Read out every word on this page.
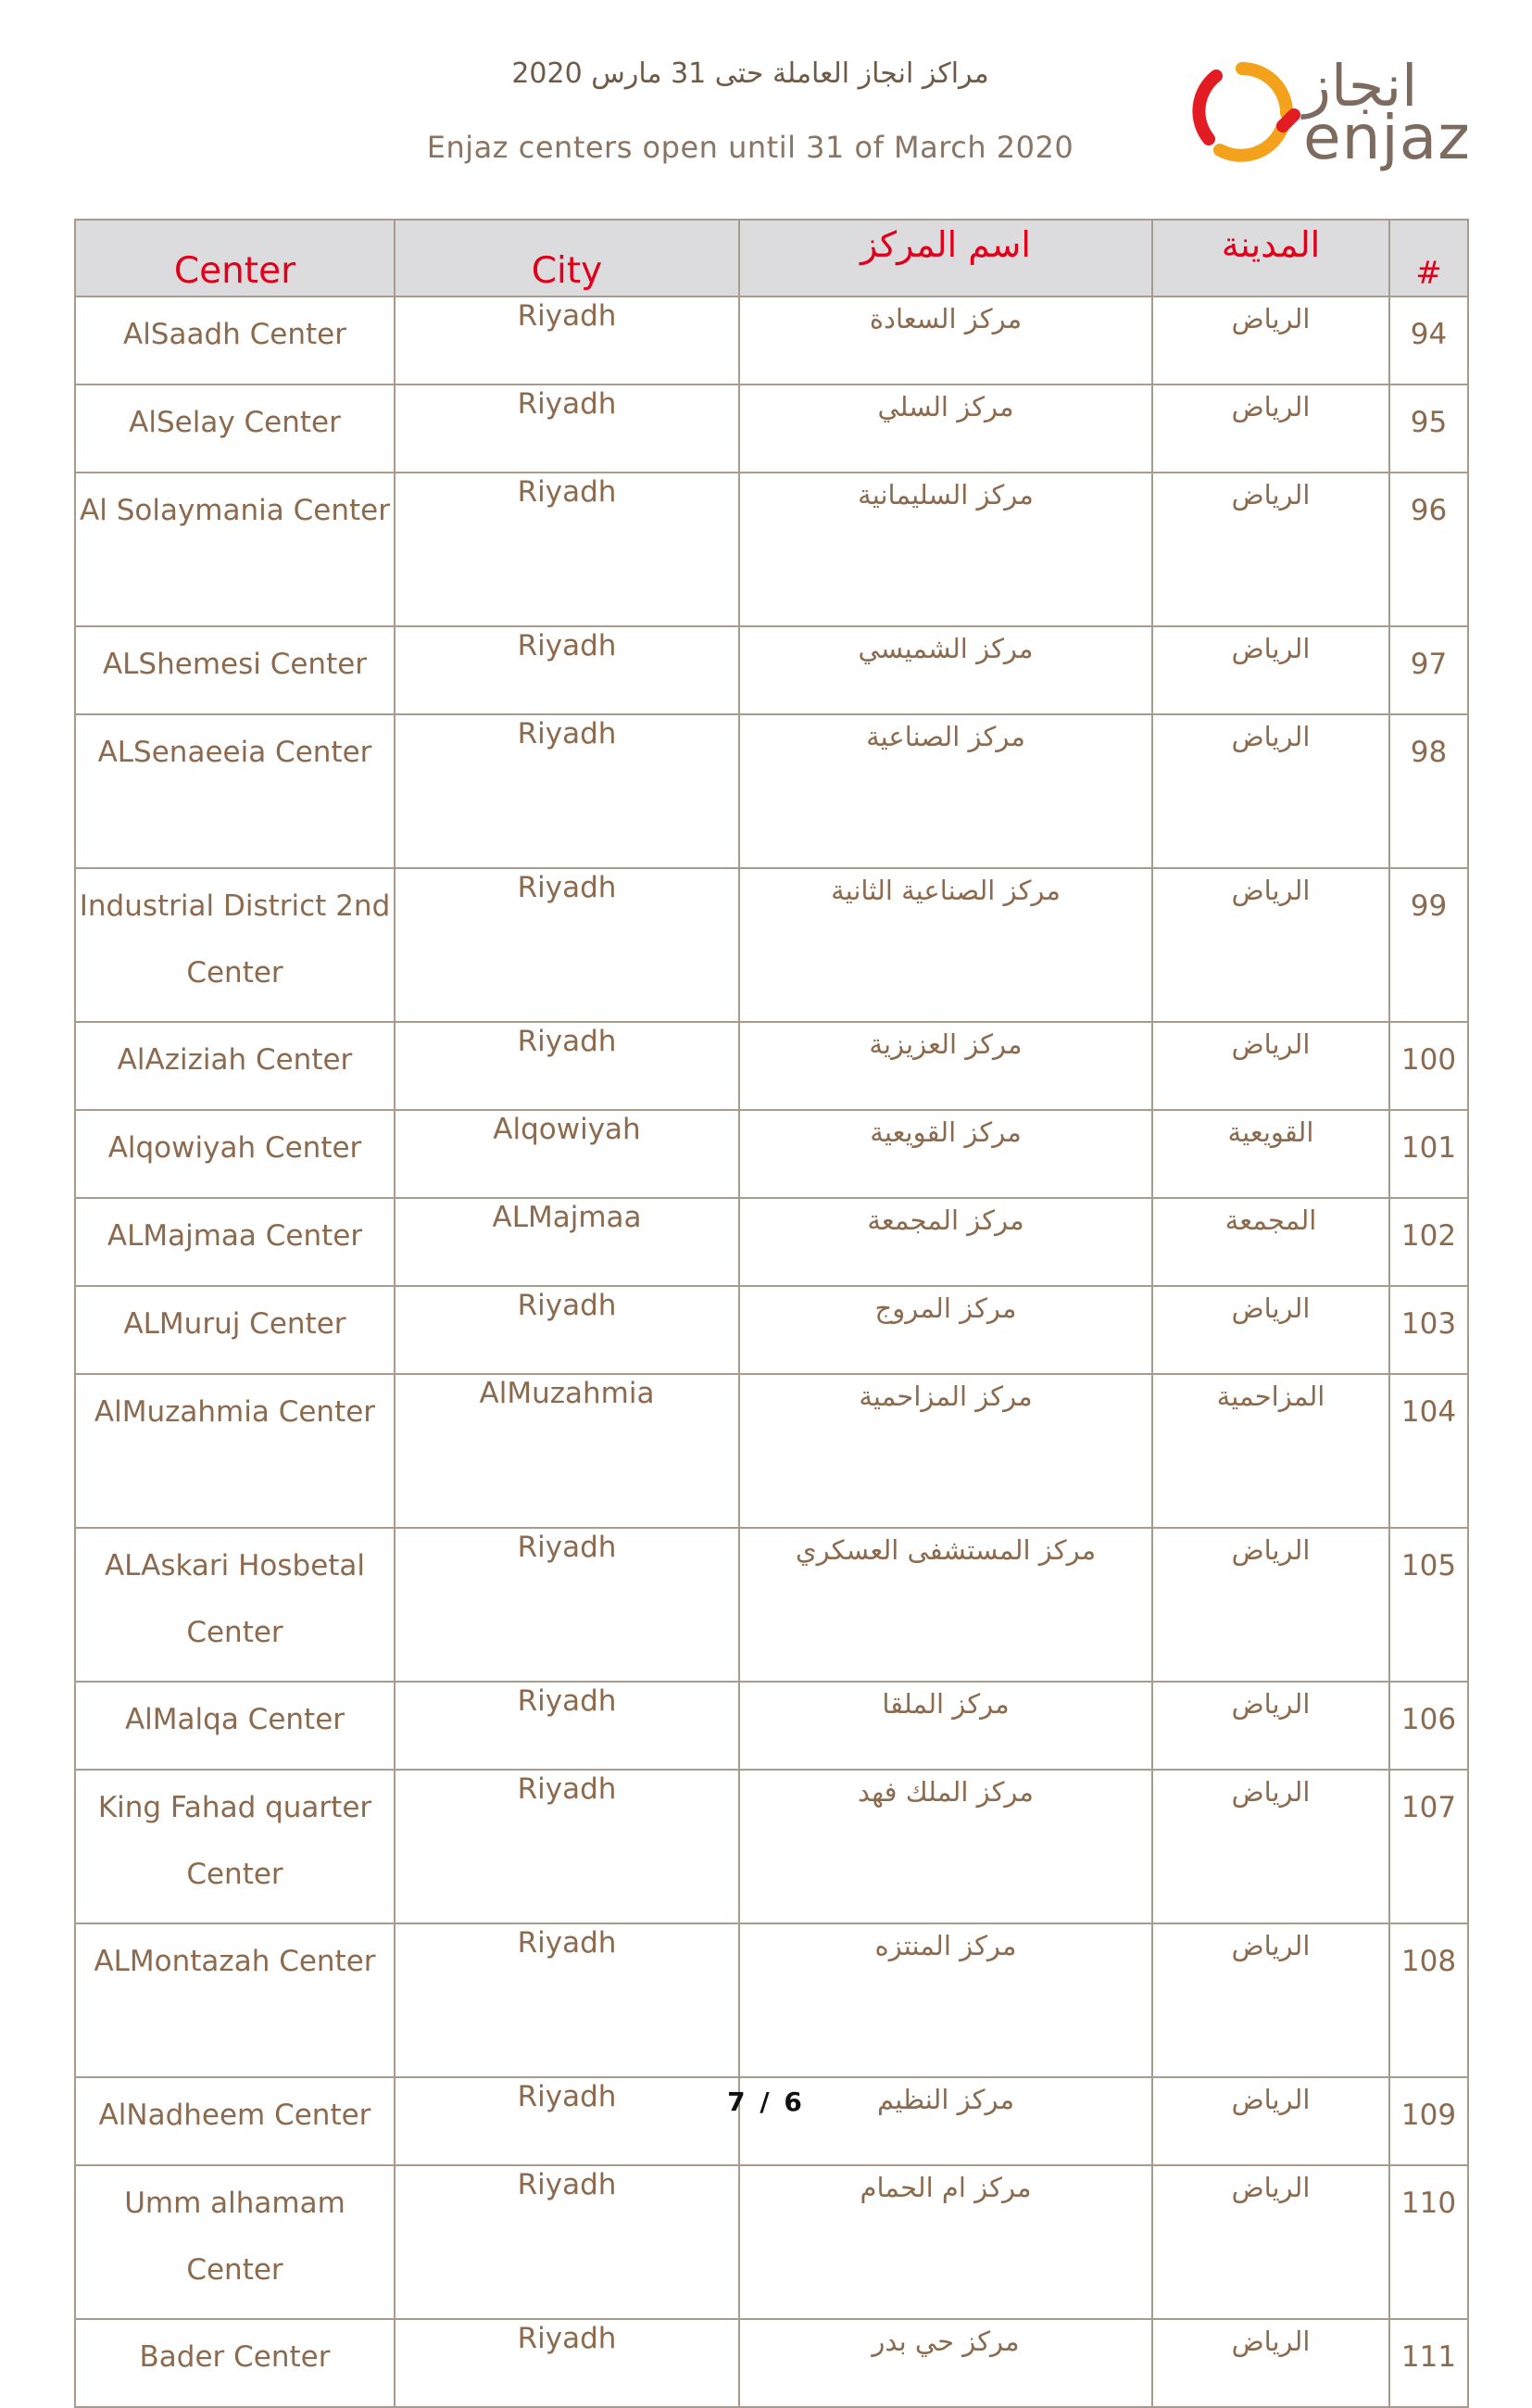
مراكز انجاز العاملة حتى 31 مارس 2020
Enjaz centers open until 31 of March 2020
انجاز
enjaz
Center	City	اسم المركز	المدينة	#

AlSaadh Center	Riyadh	مركز السعادة	الرياض	94

AlSelay Center	Riyadh	مركز السلي	الرياض	95

Al Solaymania Center	Riyadh	مركز السليمانية	الرياض	96

ALShemesi Center	Riyadh	مركز الشميسي	الرياض	97

ALSenaeeia Center	Riyadh	مركز الصناعية	الرياض	98

Industrial District 2nd Center	Riyadh	مركز الصناعية الثانية	الرياض	99

AlAziziah Center	Riyadh	مركز العزيزية	الرياض	100

Alqowiyah Center	Alqowiyah	مركز القويعية	القويعية	101

ALMajmaa Center	ALMajmaa	مركز المجمعة	المجمعة	102

ALMuruj Center	Riyadh	مركز المروج	الرياض	103

AlMuzahmia Center	AlMuzahmia	مركز المزاحمية	المزاحمية	104

ALAskari Hosbetal Center	Riyadh	مركز المستشفى العسكري	الرياض	105

AlMalqa Center	Riyadh	مركز الملقا	الرياض	106

King Fahad quarter Center	Riyadh	مركز الملك فهد	الرياض	107

ALMontazah Center	Riyadh	مركز المنتزه	الرياض	108

AlNadheem Center	Riyadh	مركز النظيم	الرياض	109

Umm alhamam Center	Riyadh	مركز ام الحمام	الرياض	110

Bader Center	Riyadh	مركز حي بدر	الرياض	111
7 / 6
